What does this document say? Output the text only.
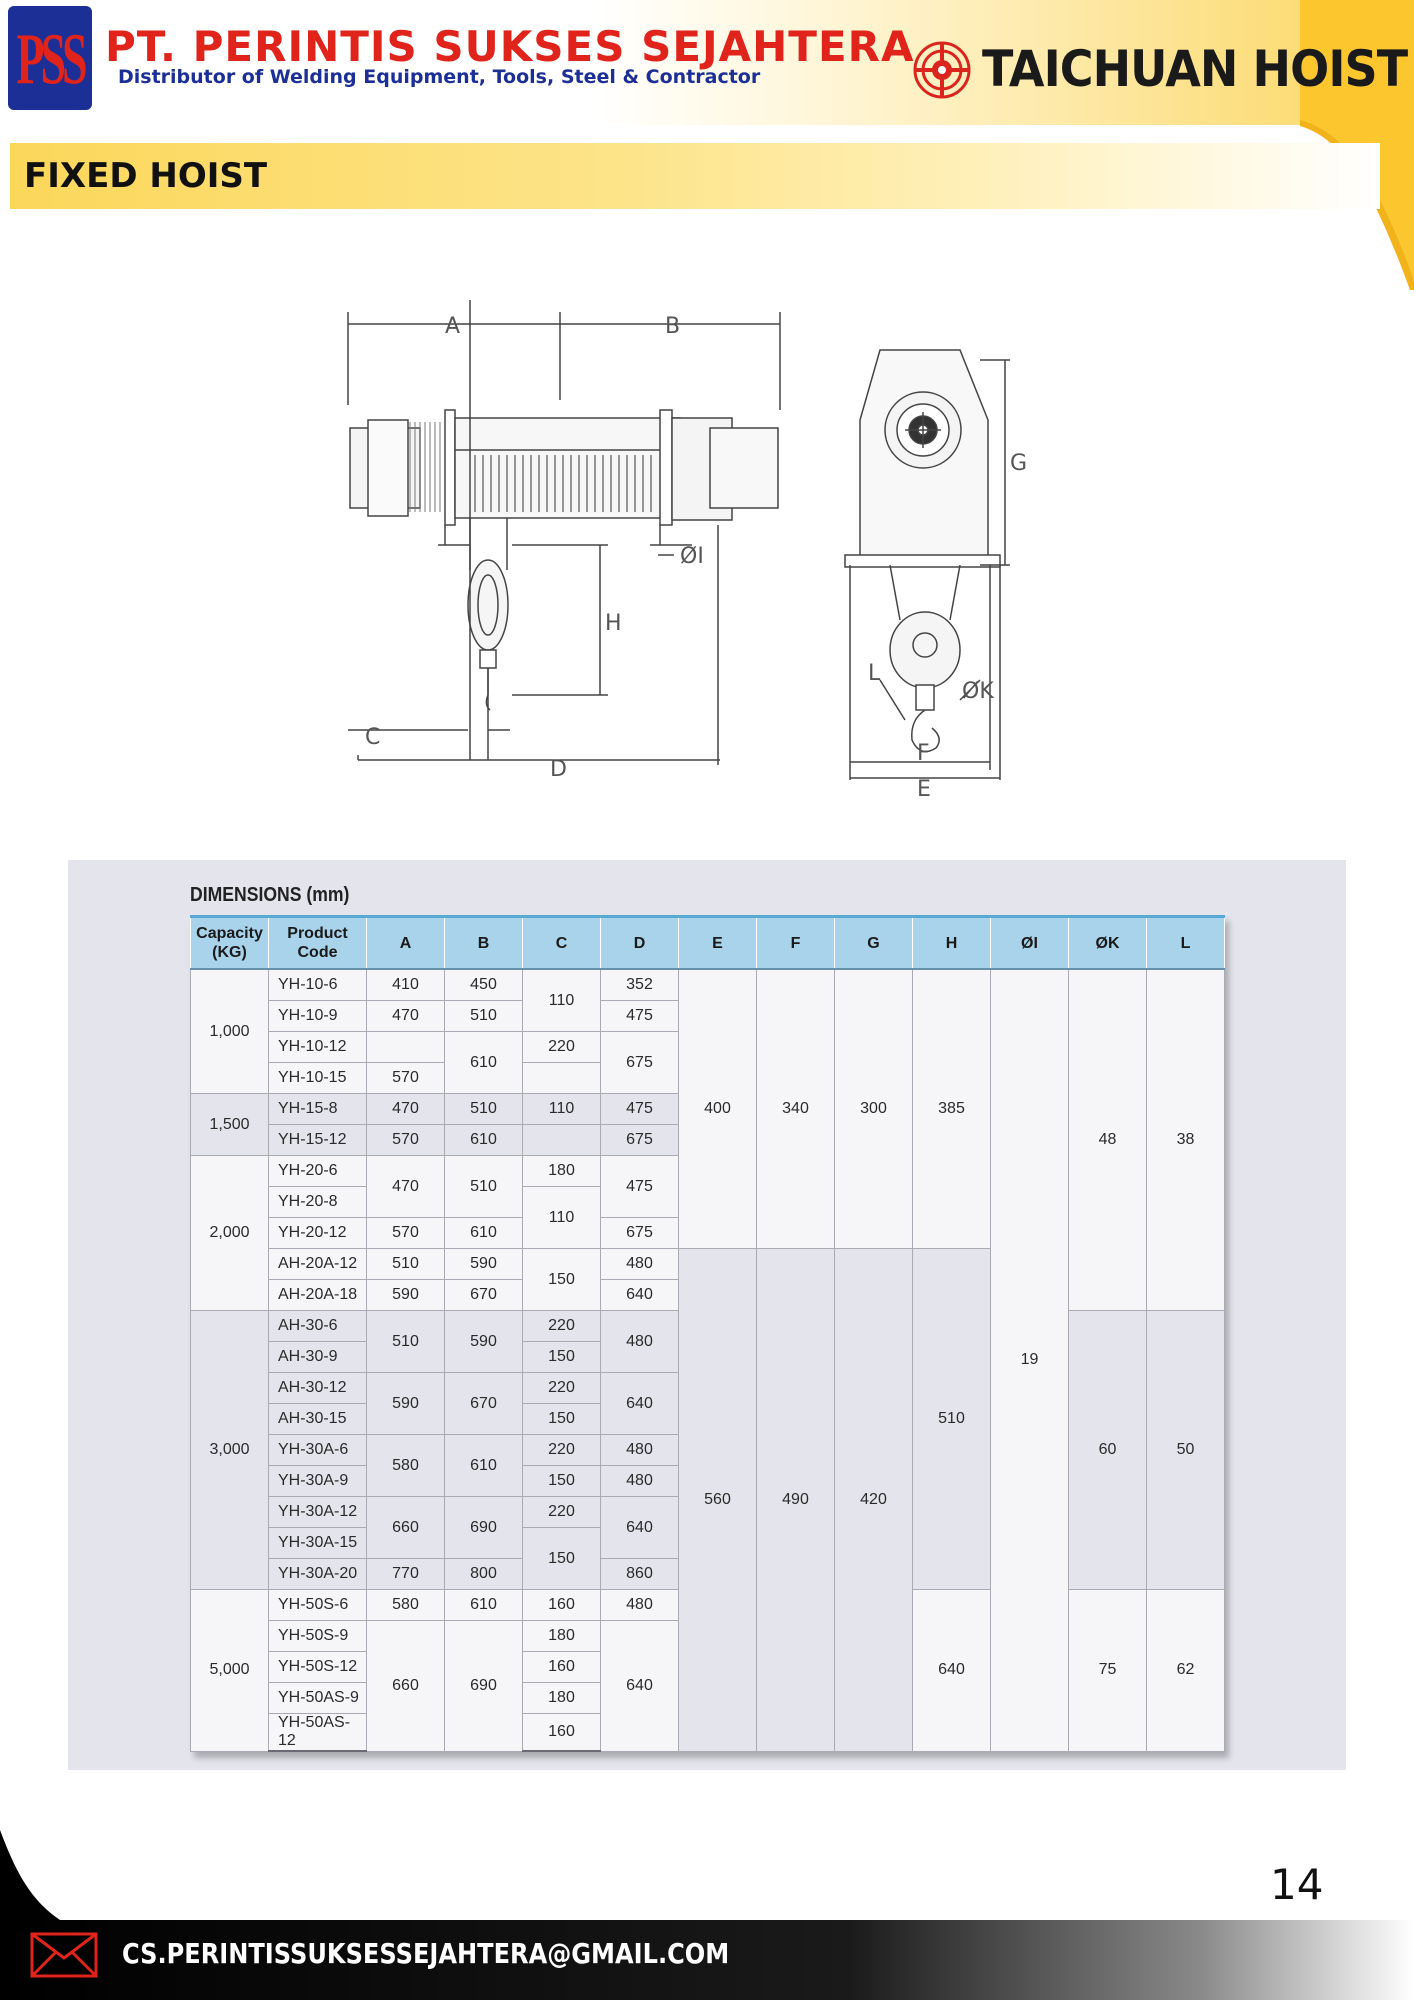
PSS PT. PERINTIS SUKSES SEJAHTERA
Distributor of Welding Equipment, Tools, Steel & Contractor	TAICHUAN HOIST
FIXED HOIST
A	B
C
D
E
F
G
H
ØI
ØK
L
DIMENSIONS (mm)
Capacity
(KG)	Product
Code	A	B	C	D	E	F	G	H	ØI	ØK	L
1,000	YH-10-6	410	450	110	352	400	340	300	385	19	48	38
	YH-10-9	470	510		475							
	YH-10-12		610	220	675							
	YH-10-15	570										
1,500	YH-15-8	470	510	110	475							
	YH-15-12	570	610		675							
2,000	YH-20-6	470	510	180	475							
	YH-20-8			110								
	YH-20-12	570	610		675							
	AH-20A-12	510	590	150	480	560	490	420	510			
	AH-20A-18	590	670		640							
3,000	AH-30-6	510	590	220	480						60	50
	AH-30-9			150								
	AH-30-12	590	670	220	640							
	AH-30-15			150								
	YH-30A-6	580	610	220	480							
	YH-30A-9			150	480							
	YH-30A-12	660	690	220	640							
	YH-30A-15			150								
	YH-30A-20	770	800		860							
5,000	YH-50S-6	580	610	160	480				640		75	62
	YH-50S-9	660	690	180	640							
	YH-50S-12			160								
	YH-50AS-9			180								
	YH-50AS-12			160								
14
CS.PERINTISSUKSESSEJAHTERA@GMAIL.COM
